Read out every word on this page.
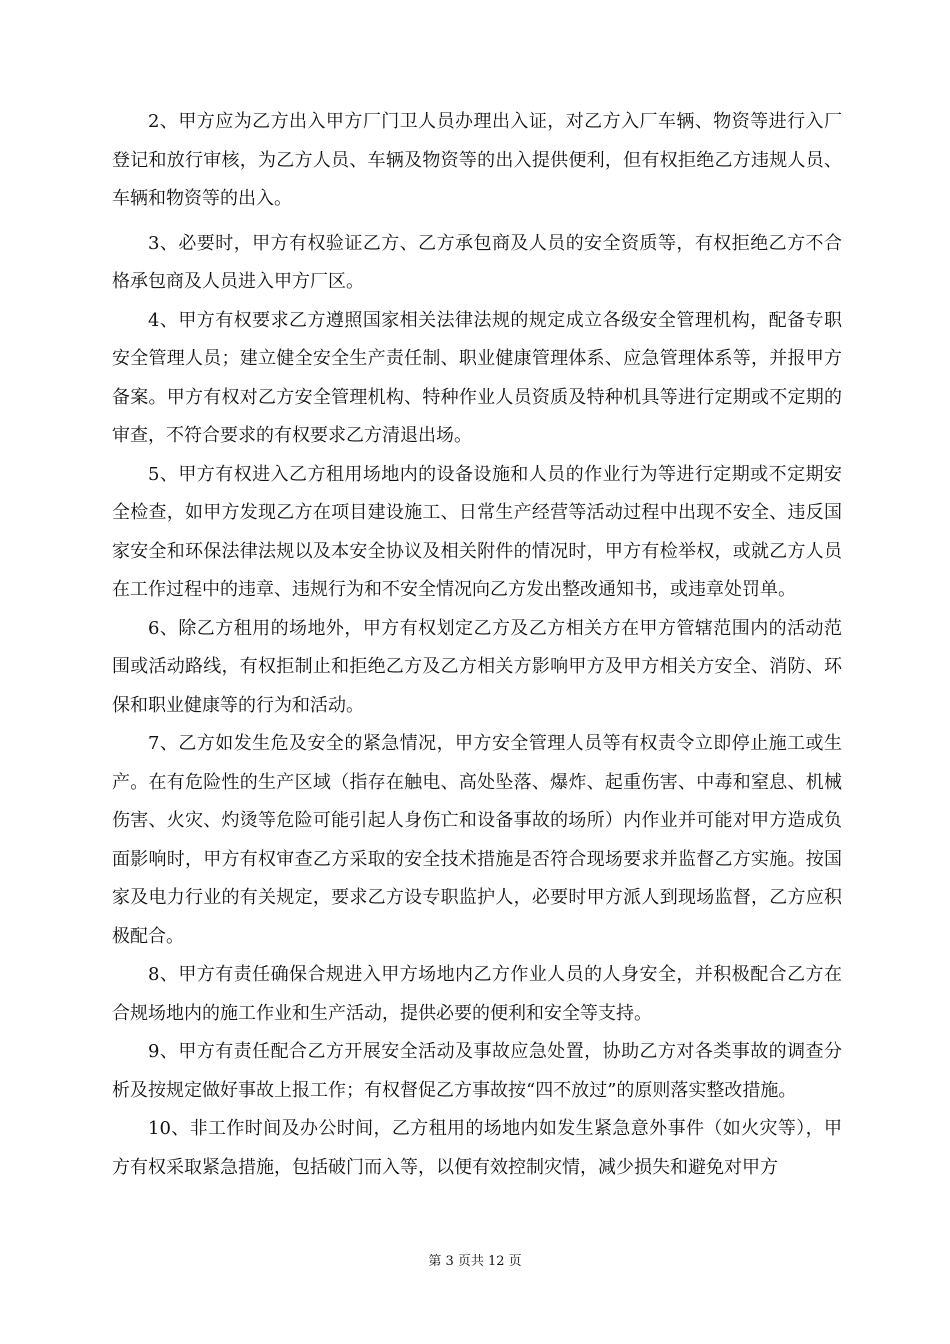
2、甲方应为乙方出入甲方厂门卫人员办理出入证，对乙方入厂车辆、物资等进行入厂登记和放行审核，为乙方人员、车辆及物资等的出入提供便利，但有权拒绝乙方违规人员、车辆和物资等的出入。

3、必要时，甲方有权验证乙方、乙方承包商及人员的安全资质等，有权拒绝乙方不合格承包商及人员进入甲方厂区。

4、甲方有权要求乙方遵照国家相关法律法规的规定成立各级安全管理机构，配备专职安全管理人员；建立健全安全生产责任制、职业健康管理体系、应急管理体系等，并报甲方备案。甲方有权对乙方安全管理机构、特种作业人员资质及特种机具等进行定期或不定期的审查，不符合要求的有权要求乙方清退出场。

5、甲方有权进入乙方租用场地内的设备设施和人员的作业行为等进行定期或不定期安全检查，如甲方发现乙方在项目建设施工、日常生产经营等活动过程中出现不安全、违反国家安全和环保法律法规以及本安全协议及相关附件的情况时，甲方有检举权，或就乙方人员在工作过程中的违章、违规行为和不安全情况向乙方发出整改通知书，或违章处罚单。

6、除乙方租用的场地外，甲方有权划定乙方及乙方相关方在甲方管辖范围内的活动范围或活动路线，有权拒制止和拒绝乙方及乙方相关方影响甲方及甲方相关方安全、消防、环保和职业健康等的行为和活动。

7、乙方如发生危及安全的紧急情况，甲方安全管理人员等有权责令立即停止施工或生产。在有危险性的生产区域（指存在触电、高处坠落、爆炸、起重伤害、中毒和窒息、机械伤害、火灾、灼烫等危险可能引起人身伤亡和设备事故的场所）内作业并可能对甲方造成负面影响时，甲方有权审查乙方采取的安全技术措施是否符合现场要求并监督乙方实施。按国家及电力行业的有关规定，要求乙方设专职监护人，必要时甲方派人到现场监督，乙方应积极配合。

8、甲方有责任确保合规进入甲方场地内乙方作业人员的人身安全，并积极配合乙方在合规场地内的施工作业和生产活动，提供必要的便利和安全等支持。

9、甲方有责任配合乙方开展安全活动及事故应急处置，协助乙方对各类事故的调查分析及按规定做好事故上报工作；有权督促乙方事故按“四不放过”的原则落实整改措施。

10、非工作时间及办公时间，乙方租用的场地内如发生紧急意外事件（如火灾等），甲方有权采取紧急措施，包括破门而入等，以便有效控制灾情，减少损失和避免对甲方

第 3 页共 12 页
